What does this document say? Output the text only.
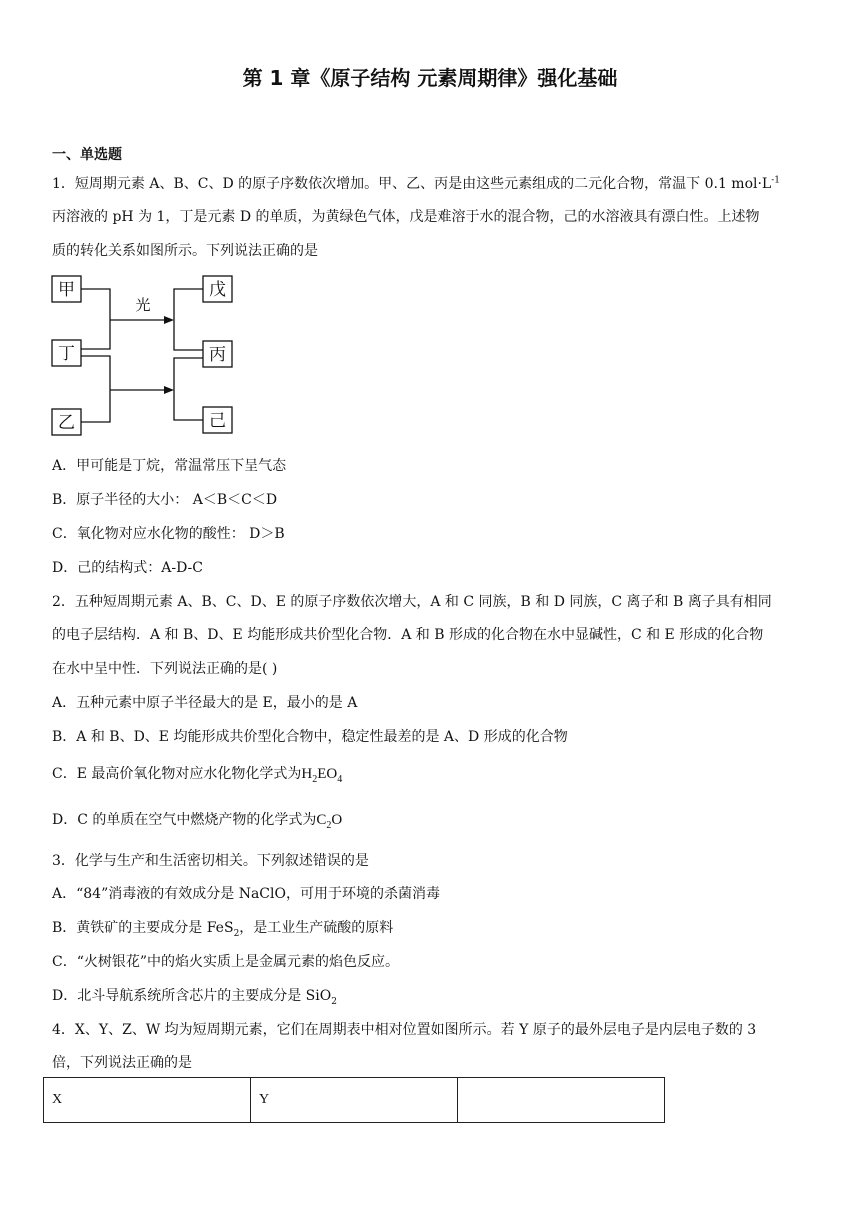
第 1 章《原子结构 元素周期律》强化基础
一、单选题
1．短周期元素 A、B、C、D 的原子序数依次增加。甲、乙、丙是由这些元素组成的二元化合物，常温下 0.1 $mol\cdot L^{-1}$
丙溶液的 pH 为 1，丁是元素 D 的单质，为黄绿色气体，戊是难溶于水的混合物，己的水溶液具有漂白性。上述物
质的转化关系如图所示。下列说法正确的是
甲
丁
乙
戊
丙
己
光
A．甲可能是丁烷，常温常压下呈气态
B．原子半径的大小： A＜B＜C＜D
C．氧化物对应水化物的酸性： D＞B
D．己的结构式：A-D-C
2．五种短周期元素 A、B、C、D、E 的原子序数依次增大，A 和 C 同族，B 和 D 同族，C 离子和 B 离子具有相同
的电子层结构．A 和 B、D、E 均能形成共价型化合物．A 和 B 形成的化合物在水中显碱性，C 和 E 形成的化合物
在水中呈中性．下列说法正确的是( )
A．五种元素中原子半径最大的是 E，最小的是 A
B．A 和 B、D、E 均能形成共价型化合物中，稳定性最差的是 A、D 形成的化合物
C．E 最高价氧化物对应水化物化学式为$H_2EO_4$
D．C 的单质在空气中燃烧产物的化学式为$C_2O$
3．化学与生产和生活密切相关。下列叙述错误的是
A．“84”消毒液的有效成分是 NaClO，可用于环境的杀菌消毒
B．黄铁矿的主要成分是 FeS$_2$，是工业生产硫酸的原料
C．“火树银花”中的焰火实质上是金属元素的焰色反应。
D．北斗导航系统所含芯片的主要成分是 SiO$_2$
4．X、Y、Z、W 均为短周期元素，它们在周期表中相对位置如图所示。若 Y 原子的最外层电子是内层电子数的 3
倍，下列说法正确的是
X	Y	
